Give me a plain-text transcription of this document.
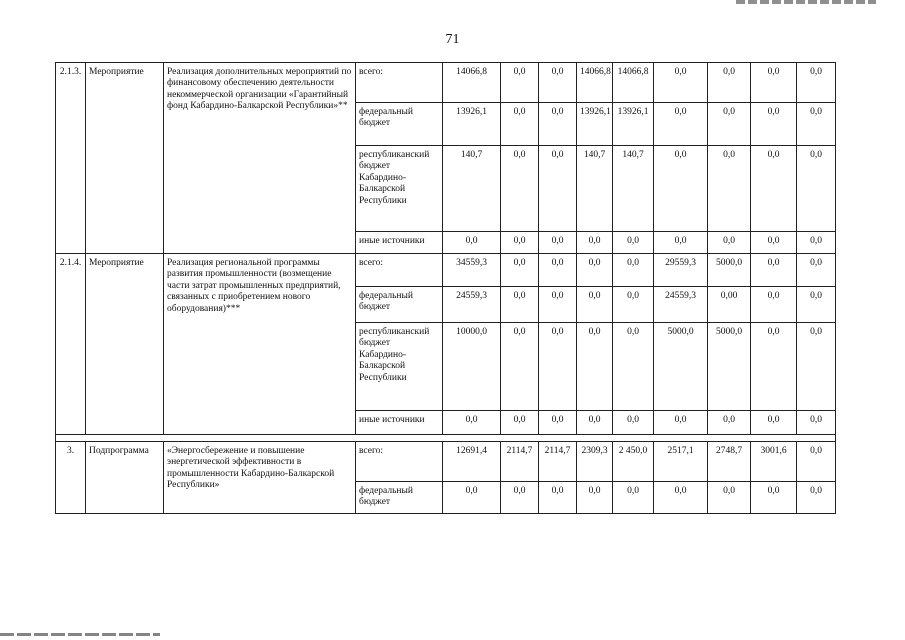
71
2.1.3.	Мероприятие	Реализация дополнительных мероприятий по финансовому обеспечению деятельности некоммерческой организации «Гарантийный фонд Кабардино-Балкарской Республики»**	всего:	14066,8	0,0	0,0	14066,8	14066,8	0,0	0,0	0,0	0,0
			федеральный бюджет	13926,1	0,0	0,0	13926,1	13926,1	0,0	0,0	0,0	0,0
			республиканский бюджет Кабардино-Балкарской Республики	140,7	0,0	0,0	140,7	140,7	0,0	0,0	0,0	0,0
			иные источники	0,0	0,0	0,0	0,0	0,0	0,0	0,0	0,0	0,0
2.1.4.	Мероприятие	Реализация региональной программы развития промышленности (возмещение части затрат промышленных предприятий, связанных с приобретением нового оборудования)***	всего:	34559,3	0,0	0,0	0,0	0,0	29559,3	5000,0	0,0	0,0
			федеральный бюджет	24559,3	0,0	0,0	0,0	0,0	24559,3	0,00	0,0	0,0
			республиканский бюджет Кабардино-Балкарской Республики	10000,0	0,0	0,0	0,0	0,0	5000,0	5000,0	0,0	0,0
			иные источники	0,0	0,0	0,0	0,0	0,0	0,0	0,0	0,0	0,0

3.	Подпрограмма	«Энергосбережение и повышение энергетической эффективности в промышленности Кабардино-Балкарской Республики»	всего:	12691,4	2114,7	2114,7	2309,3	2 450,0	2517,1	2748,7	3001,6	0,0
			федеральный бюджет	0,0	0,0	0,0	0,0	0,0	0,0	0,0	0,0	0,0
